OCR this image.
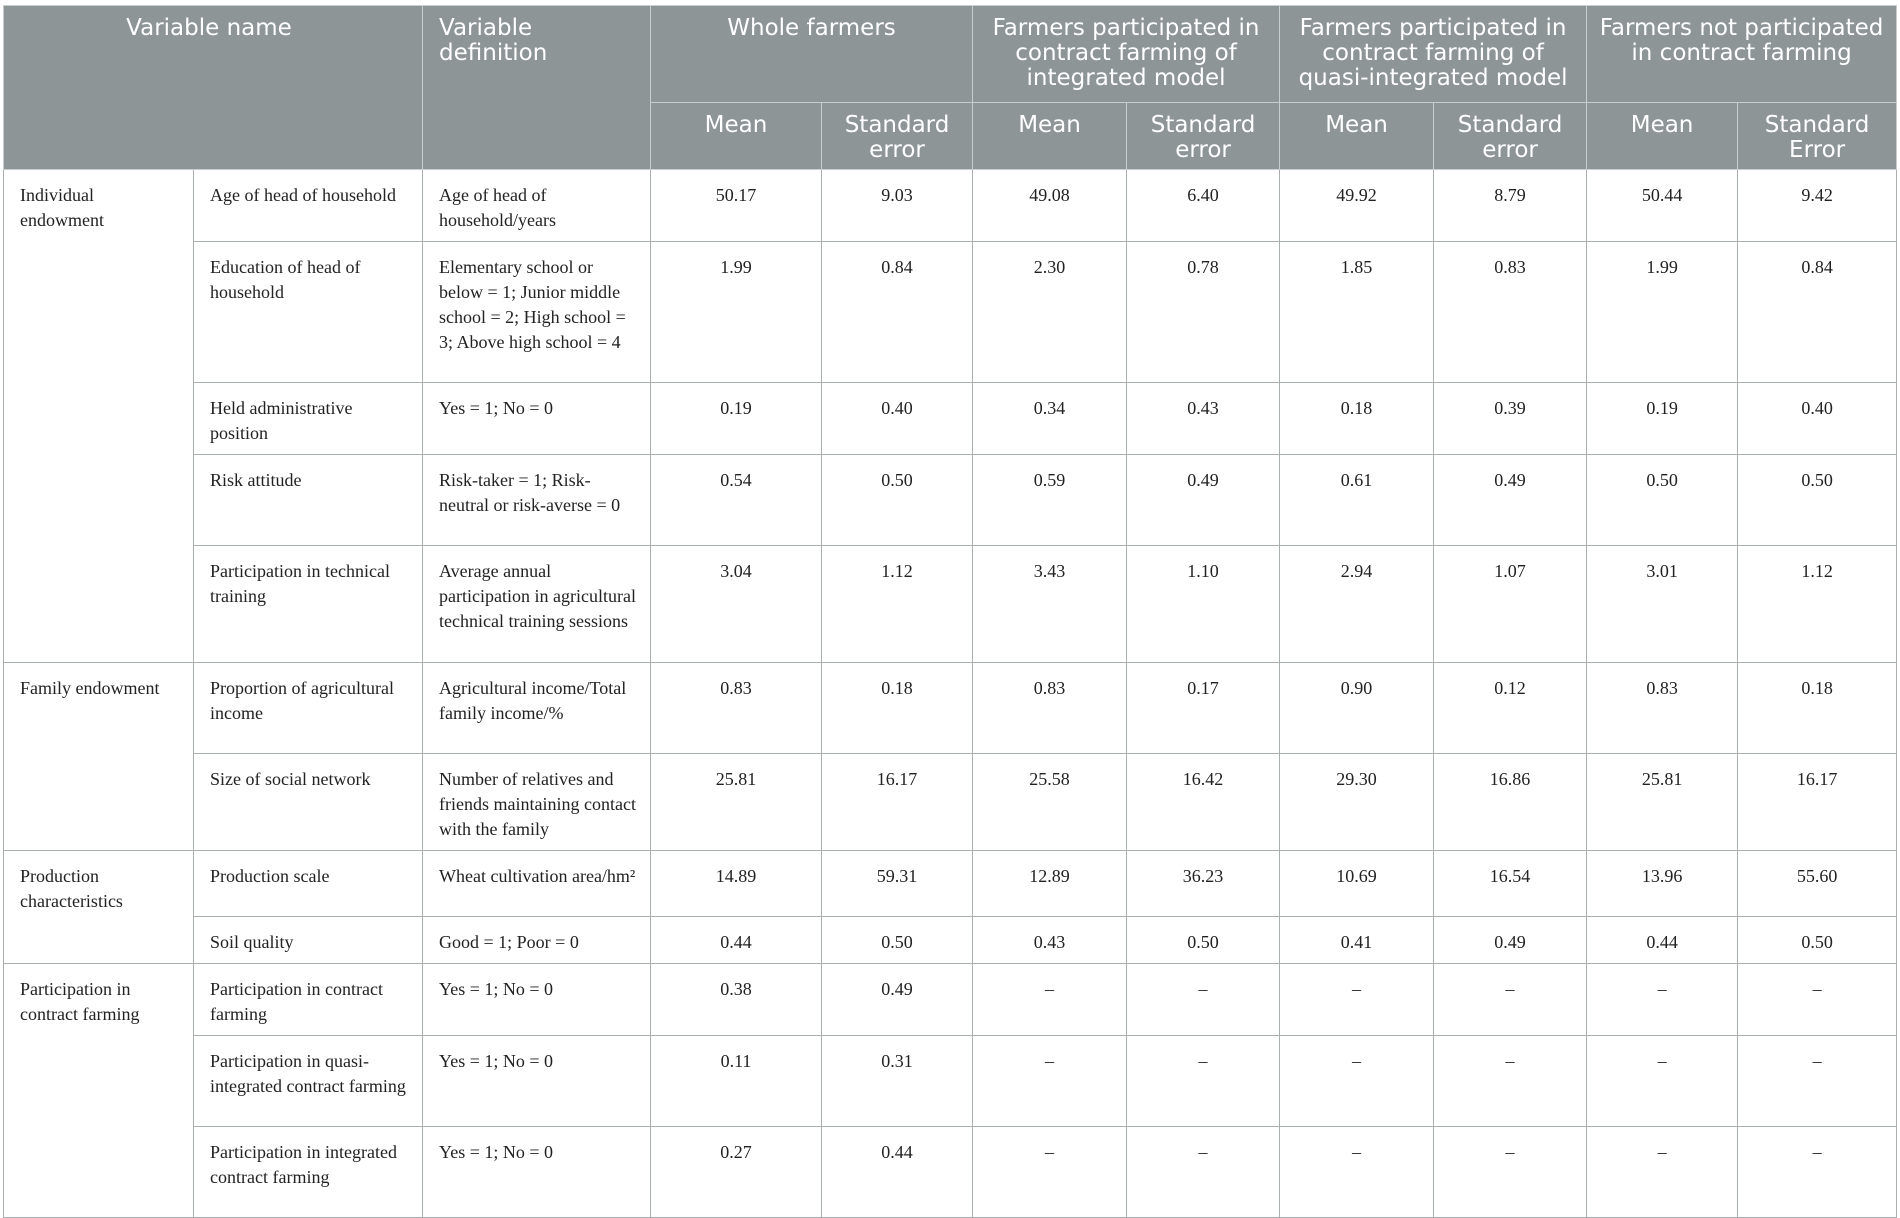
Variable name		Variable definition	Whole farmers		Farmers participated in contract farming of integrated model		Farmers participated in contract farming of quasi-integrated model		Farmers not participated in contract farming	
			Mean	Standard error	Mean	Standard error	Mean	Standard error	Mean	Standard Error
Individual endowment	Age of head of household	Age of head of household/years	50.17	9.03	49.08	6.40	49.92	8.79	50.44	9.42
	Education of head of household	Elementary school or below = 1; Junior middle school = 2; High school = 3; Above high school = 4	1.99	0.84	2.30	0.78	1.85	0.83	1.99	0.84
	Held administrative position	Yes = 1; No = 0	0.19	0.40	0.34	0.43	0.18	0.39	0.19	0.40
	Risk attitude	Risk-taker = 1; Risk-neutral or risk-averse = 0	0.54	0.50	0.59	0.49	0.61	0.49	0.50	0.50
	Participation in technical training	Average annual participation in agricultural technical training sessions	3.04	1.12	3.43	1.10	2.94	1.07	3.01	1.12
Family endowment	Proportion of agricultural income	Agricultural income/Total family income/%	0.83	0.18	0.83	0.17	0.90	0.12	0.83	0.18
	Size of social network	Number of relatives and friends maintaining contact with the family	25.81	16.17	25.58	16.42	29.30	16.86	25.81	16.17
Production characteristics	Production scale	Wheat cultivation area/hm²	14.89	59.31	12.89	36.23	10.69	16.54	13.96	55.60
	Soil quality	Good = 1; Poor = 0	0.44	0.50	0.43	0.50	0.41	0.49	0.44	0.50
Participation in contract farming	Participation in contract farming	Yes = 1; No = 0	0.38	0.49	–	–	–	–	–	–
	Participation in quasi-integrated contract farming	Yes = 1; No = 0	0.11	0.31	–	–	–	–	–	–
	Participation in integrated contract farming	Yes = 1; No = 0	0.27	0.44	–	–	–	–	–	–
